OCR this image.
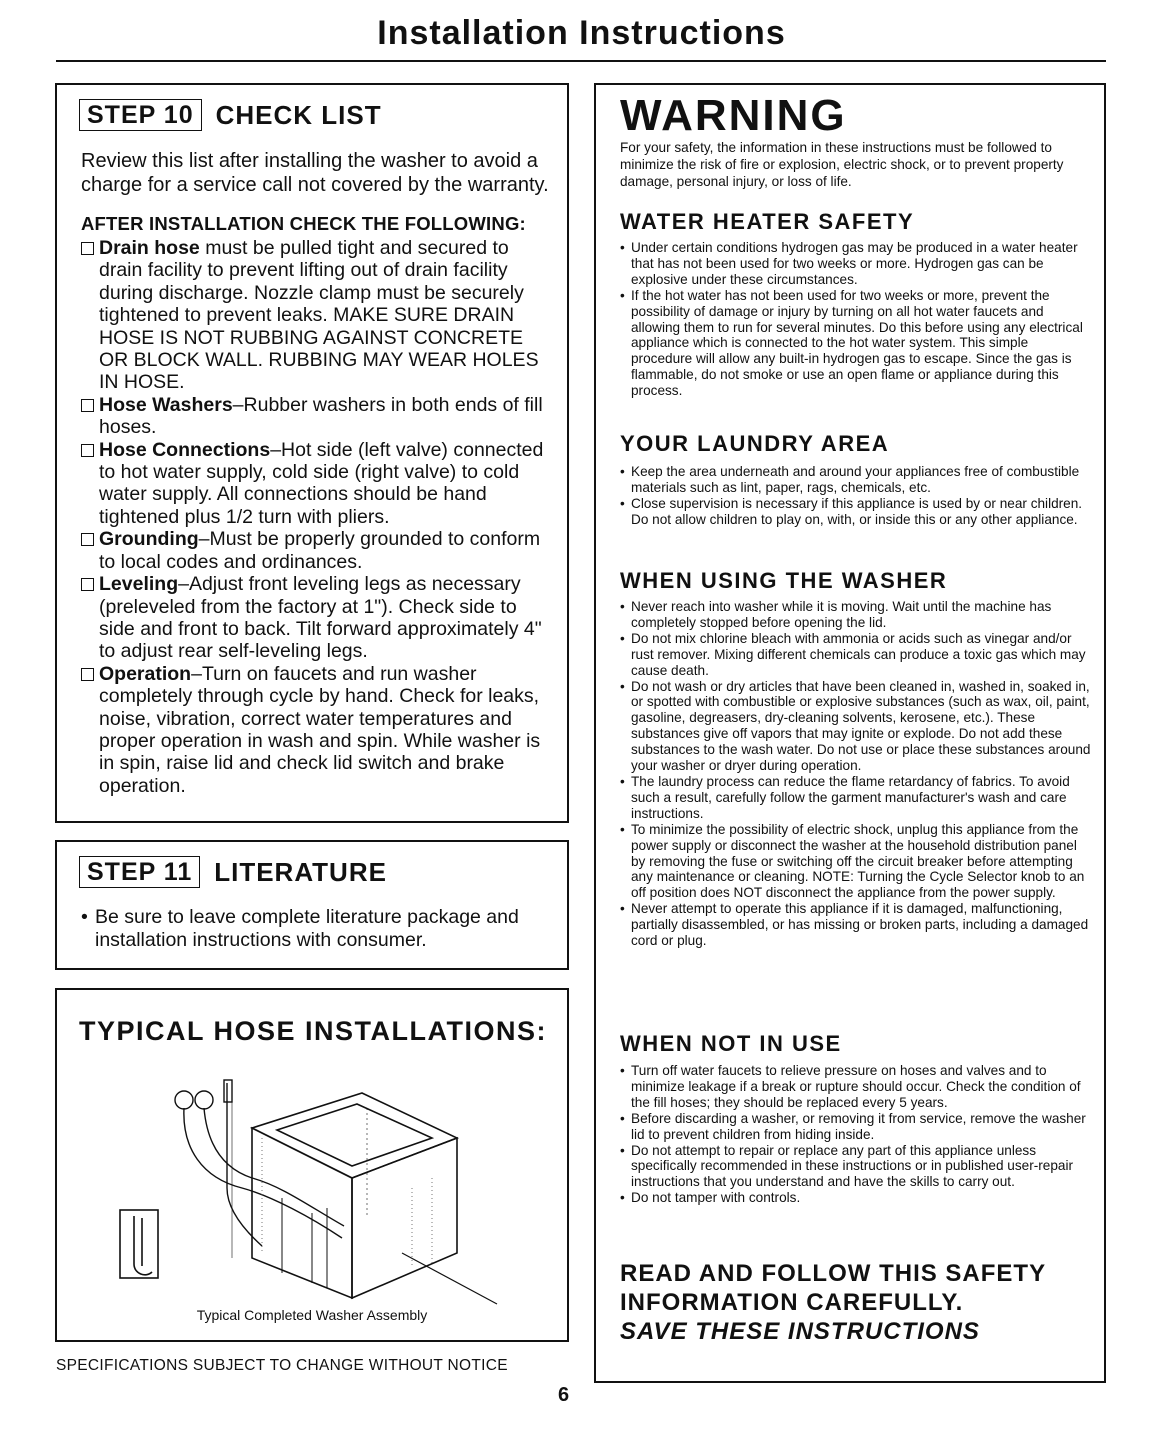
Installation Instructions
STEP 10 CHECK LIST
Review this list after installing the washer to avoid a charge for a service call not covered by the warranty.
AFTER INSTALLATION CHECK THE FOLLOWING:
Drain hose must be pulled tight and secured to drain facility to prevent lifting out of drain facility during discharge. Nozzle clamp must be securely tightened to prevent leaks. MAKE SURE DRAIN HOSE IS NOT RUBBING AGAINST CONCRETE OR BLOCK WALL. RUBBING MAY WEAR HOLES IN HOSE.
Hose Washers–Rubber washers in both ends of fill hoses.
Hose Connections–Hot side (left valve) connected to hot water supply, cold side (right valve) to cold water supply. All connections should be hand tightened plus 1/2 turn with pliers.
Grounding–Must be properly grounded to conform to local codes and ordinances.
Leveling–Adjust front leveling legs as necessary (preleveled from the factory at 1"). Check side to side and front to back. Tilt forward approximately 4" to adjust rear self-leveling legs.
Operation–Turn on faucets and run washer completely through cycle by hand. Check for leaks, noise, vibration, correct water temperatures and proper operation in wash and spin. While washer is in spin, raise lid and check lid switch and brake operation.
STEP 11 LITERATURE
• Be sure to leave complete literature package and installation instructions with consumer.
TYPICAL HOSE INSTALLATIONS:
Typical Completed Washer Assembly
SPECIFICATIONS SUBJECT TO CHANGE WITHOUT NOTICE
6
WARNING
For your safety, the information in these instructions must be followed to minimize the risk of fire or explosion, electric shock, or to prevent property damage, personal injury, or loss of life.
WATER HEATER SAFETY
• Under certain conditions hydrogen gas may be produced in a water heater that has not been used for two weeks or more. Hydrogen gas can be explosive under these circumstances.
• If the hot water has not been used for two weeks or more, prevent the possibility of damage or injury by turning on all hot water faucets and allowing them to run for several minutes. Do this before using any electrical appliance which is connected to the hot water system. This simple procedure will allow any built-in hydrogen gas to escape. Since the gas is flammable, do not smoke or use an open flame or appliance during this process.
YOUR LAUNDRY AREA
• Keep the area underneath and around your appliances free of combustible materials such as lint, paper, rags, chemicals, etc.
• Close supervision is necessary if this appliance is used by or near children. Do not allow children to play on, with, or inside this or any other appliance.
WHEN USING THE WASHER
• Never reach into washer while it is moving. Wait until the machine has completely stopped before opening the lid.
• Do not mix chlorine bleach with ammonia or acids such as vinegar and/or rust remover. Mixing different chemicals can produce a toxic gas which may cause death.
• Do not wash or dry articles that have been cleaned in, washed in, soaked in, or spotted with combustible or explosive substances (such as wax, oil, paint, gasoline, degreasers, dry-cleaning solvents, kerosene, etc.). These substances give off vapors that may ignite or explode. Do not add these substances to the wash water. Do not use or place these substances around your washer or dryer during operation.
• The laundry process can reduce the flame retardancy of fabrics. To avoid such a result, carefully follow the garment manufacturer's wash and care instructions.
• To minimize the possibility of electric shock, unplug this appliance from the power supply or disconnect the washer at the household distribution panel by removing the fuse or switching off the circuit breaker before attempting any maintenance or cleaning. NOTE: Turning the Cycle Selector knob to an off position does NOT disconnect the appliance from the power supply.
• Never attempt to operate this appliance if it is damaged, malfunctioning, partially disassembled, or has missing or broken parts, including a damaged cord or plug.
WHEN NOT IN USE
• Turn off water faucets to relieve pressure on hoses and valves and to minimize leakage if a break or rupture should occur. Check the condition of the fill hoses; they should be replaced every 5 years.
• Before discarding a washer, or removing it from service, remove the washer lid to prevent children from hiding inside.
• Do not attempt to repair or replace any part of this appliance unless specifically recommended in these instructions or in published user-repair instructions that you understand and have the skills to carry out.
• Do not tamper with controls.
READ AND FOLLOW THIS SAFETY
INFORMATION CAREFULLY.
SAVE THESE INSTRUCTIONS
